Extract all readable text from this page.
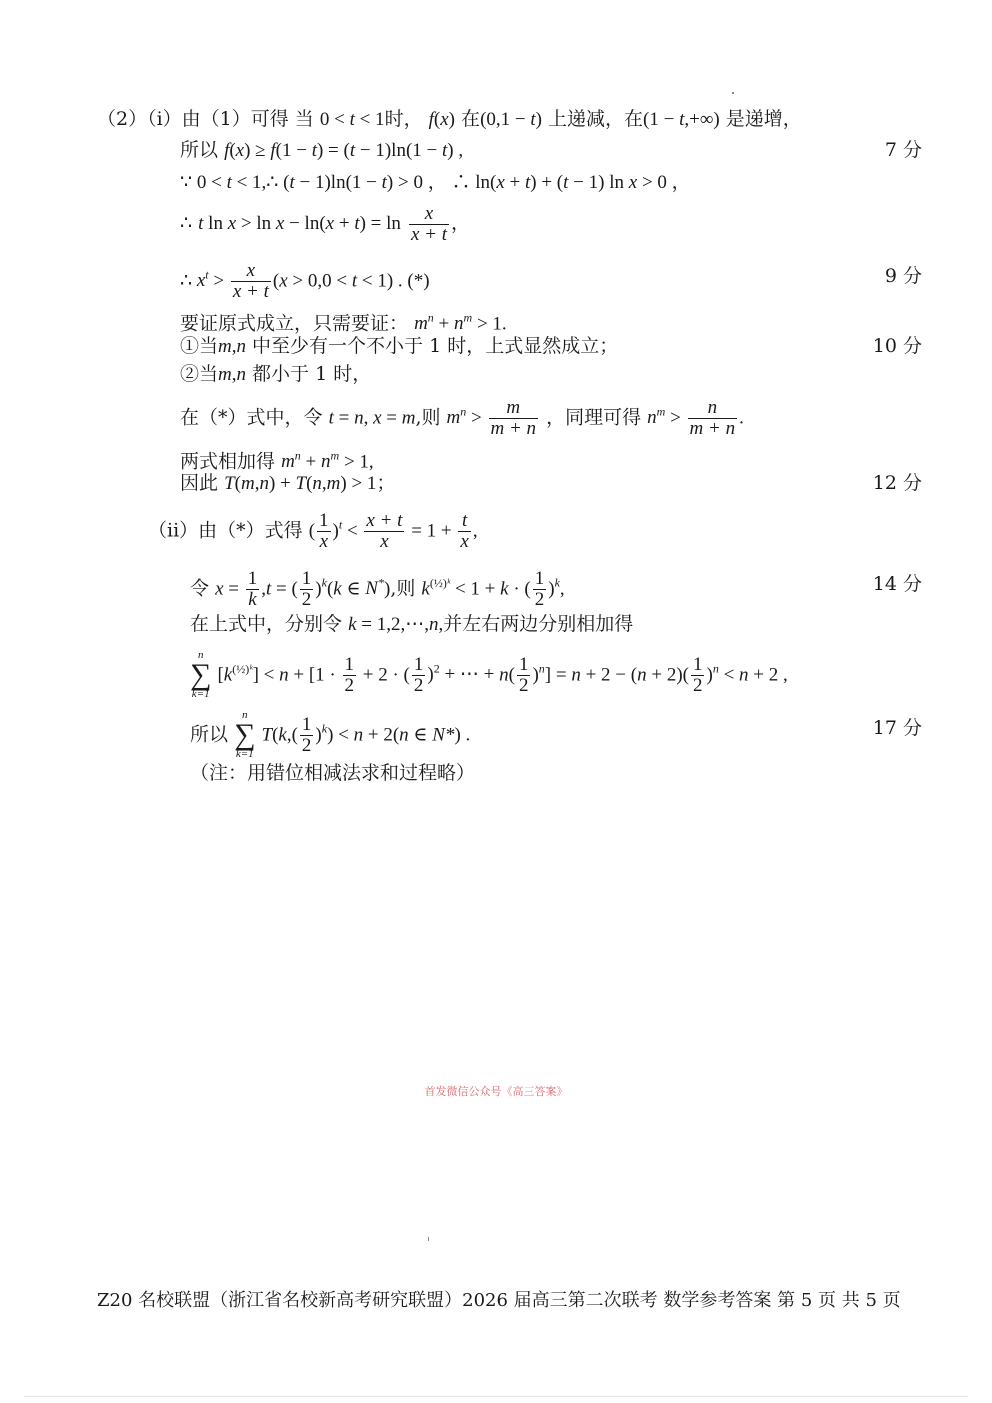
（2）（i）由（1）可得 当 0 < t < 1时， f(x) 在(0,1 − t) 上递减，在(1 − t,+∞) 是递增，
所以 f(x) ≥ f(1 − t) = (t − 1)ln(1 − t) ,	7 分
∵ 0 < t < 1,∴ (t − 1)ln(1 − t) > 0 ， ∴ ln(x + t) + (t − 1) ln x > 0 ，
∴ t $\ln x > \ln x - \ln(x + t) = \ln \frac{x}{x + t}$ ，
∴ $x^t > \frac{x}{x + t} (x > 0,0 < t < 1)$ . (*)	9 分
要证原式成立，只需要证： $m^n + n^m > 1$.
①当m,n 中至少有一个不小于 1 时，上式显然成立；	10 分
②当m,n 都小于 1 时，
在（*）式中，令 t = n, x = m,则 $m^n > \frac{m}{m + n}$ ，同理可得 $n^m > \frac{n}{m + n}$ .
两式相加得 $m^n + n^m > 1$,
因此 T(m,n) + T(n,m) > 1；	12 分
（ii）由（*）式得 ( $\frac{1}{x} )^t < \frac{x + t}{x} = 1 + \frac{t}{x}$ ,
令 $x = \frac{1}{k} ,t$ = ( $\frac{1}{2} )^k(k$ ∈ N*),则 $k^{(\frac{1}{2})ᵏ} < 1 + k$ · ( $\frac{1}{2} )^k$,	14 分
在上式中，分别令 k = 1,2,⋯,n,并左右两边分别相加得
n
∑
k=1
$[k^{(\frac{1}{2})ᵏ}] < n + [1 \cdot \frac{1}{2} + 2$ · ( $\frac{1}{2} )^2$ + ⋯ + $n( \frac{1}{2} )^n] = n + 2 - (n + 2)( \frac{1}{2} )^n < n + 2$ ,
所以
n
∑
k=1
$T(k,( \frac{1}{2} )^k) < n + 2(n$ ∈ N*) .	17 分
（注：用错位相减法求和过程略）
首发微信公众号《高三答案》
Z20 名校联盟（浙江省名校新高考研究联盟）2026 届高三第二次联考 数学参考答案 第 5 页 共 5 页
